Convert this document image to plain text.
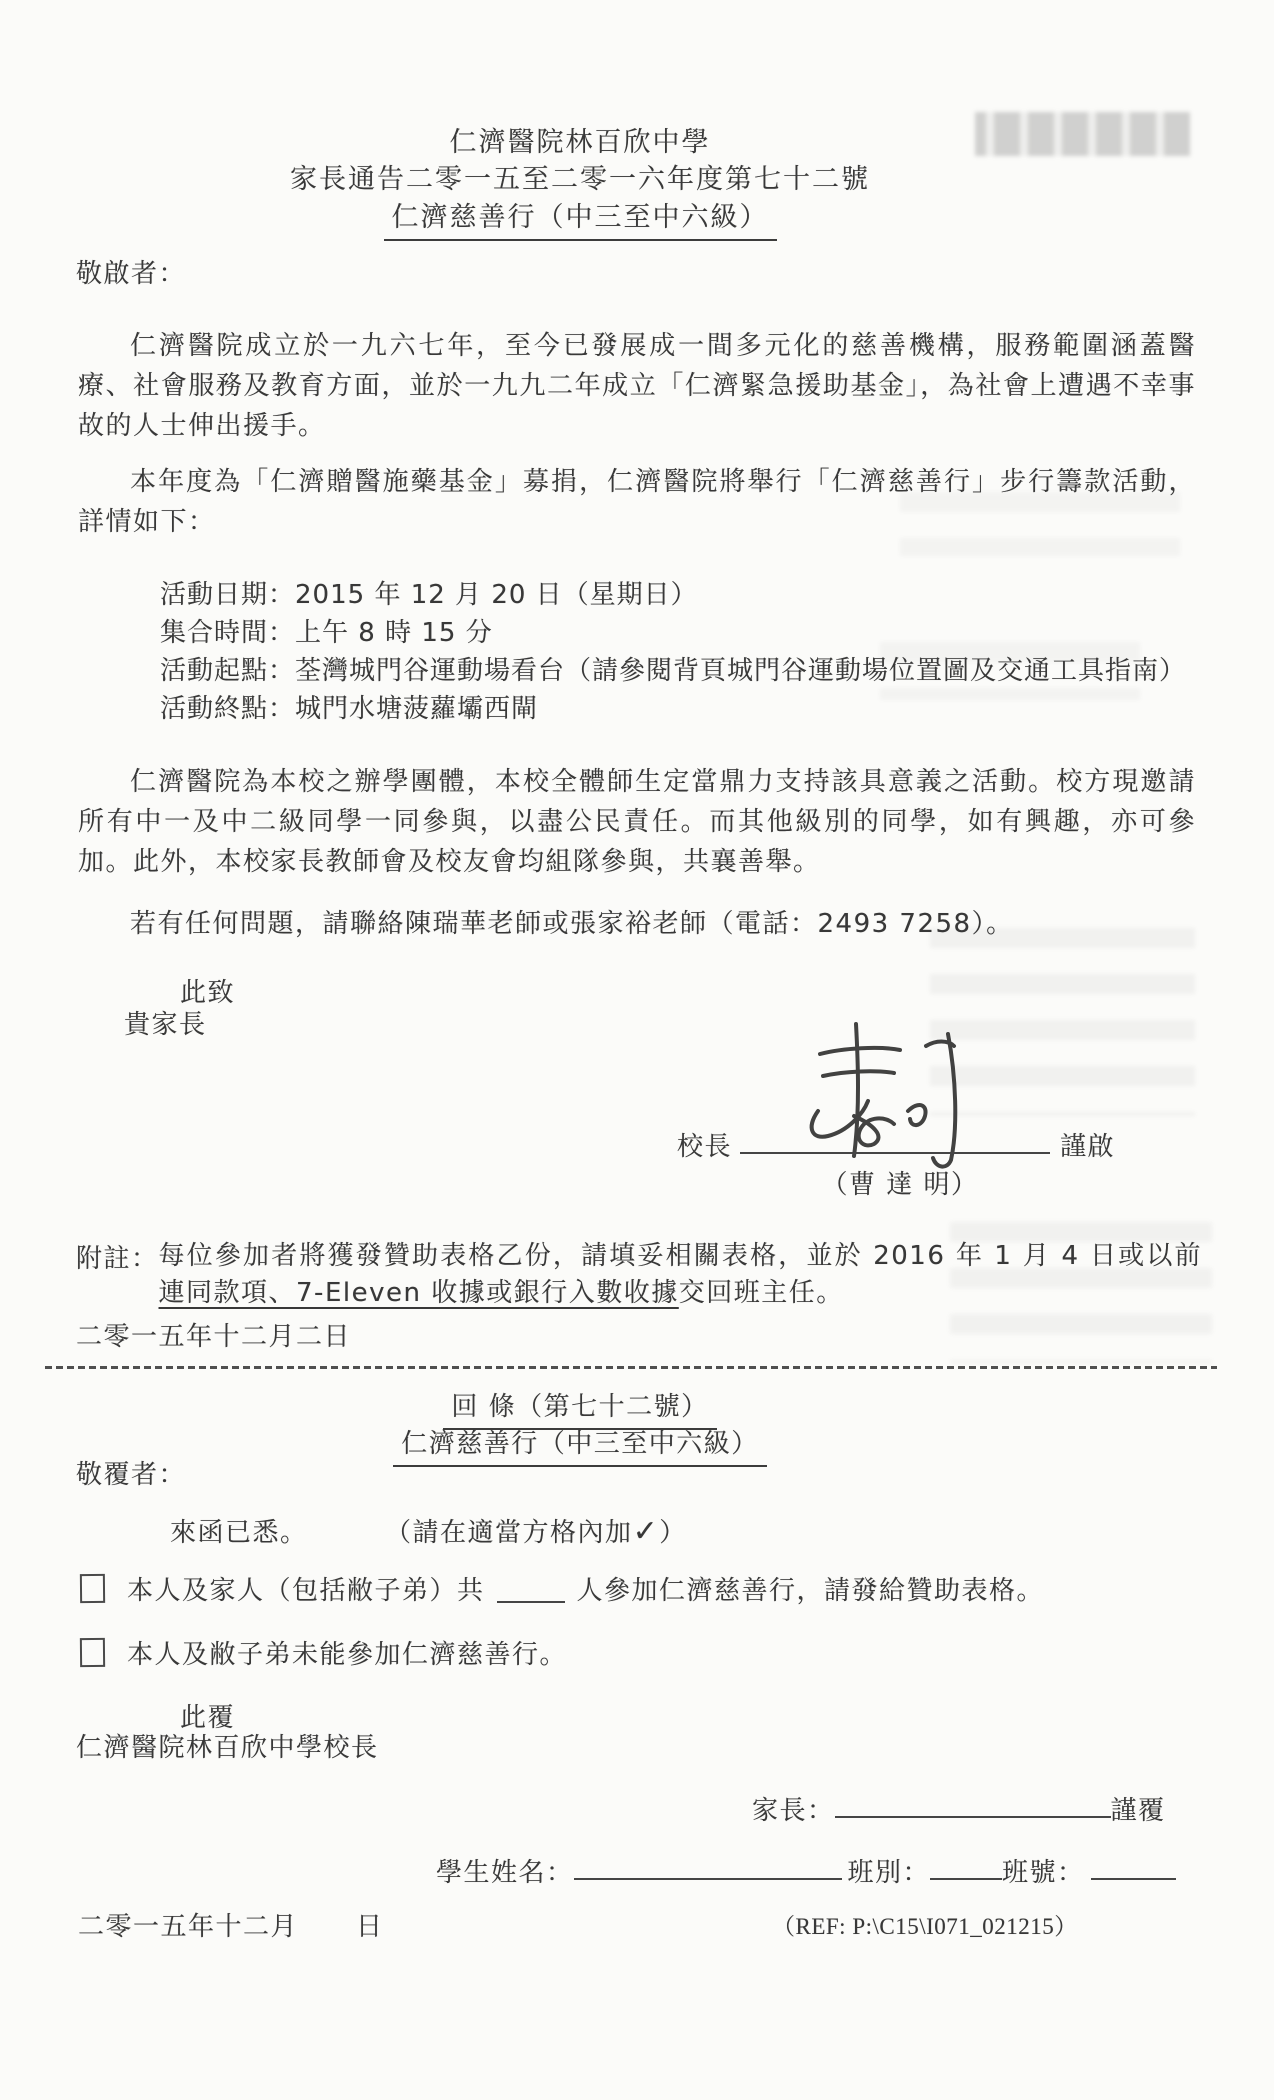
仁濟醫院林百欣中學
家長通告二零一五至二零一六年度第七十二號
仁濟慈善行（中三至中六級）
敬啟者：
仁濟醫院成立於一九六七年，至今已發展成一間多元化的慈善機構，服務範圍涵蓋醫療、社會服務及教育方面，並於一九九二年成立「仁濟緊急援助基金」，為社會上遭遇不幸事故的人士伸出援手。
本年度為「仁濟贈醫施藥基金」募捐，仁濟醫院將舉行「仁濟慈善行」步行籌款活動，詳情如下：
活動日期：2015 年 12 月 20 日（星期日）
集合時間：上午 8 時 15 分
活動起點：荃灣城門谷運動場看台（請參閱背頁城門谷運動場位置圖及交通工具指南）
活動終點：城門水塘菠蘿壩西閘
仁濟醫院為本校之辦學團體，本校全體師生定當鼎力支持該具意義之活動。校方現邀請所有中一及中二級同學一同參與，以盡公民責任。而其他級別的同學，如有興趣，亦可參加。此外，本校家長教師會及校友會均組隊參與，共襄善舉。
若有任何問題，請聯絡陳瑞華老師或張家裕老師（電話：2493 7258）。
此致
貴家長
校長	謹啟
（曹 達 明）
附註： 每位參加者將獲發贊助表格乙份，請填妥相關表格，並於 2016 年 1 月 4 日或以前連同款項、7-Eleven 收據或銀行入數收據交回班主任。
二零一五年十二月二日
回 條（第七十二號）
仁濟慈善行（中三至中六級）
敬覆者：
來函已悉。	（請在適當方格內加✓）
本人及家人（包括敝子弟）共	人參加仁濟慈善行，請發給贊助表格。
本人及敝子弟未能參加仁濟慈善行。
此覆
仁濟醫院林百欣中學校長
家長：	謹覆
學生姓名：	班別：	班號：
二零一五年十二月 日	（REF: P:\C15\I071_021215）
